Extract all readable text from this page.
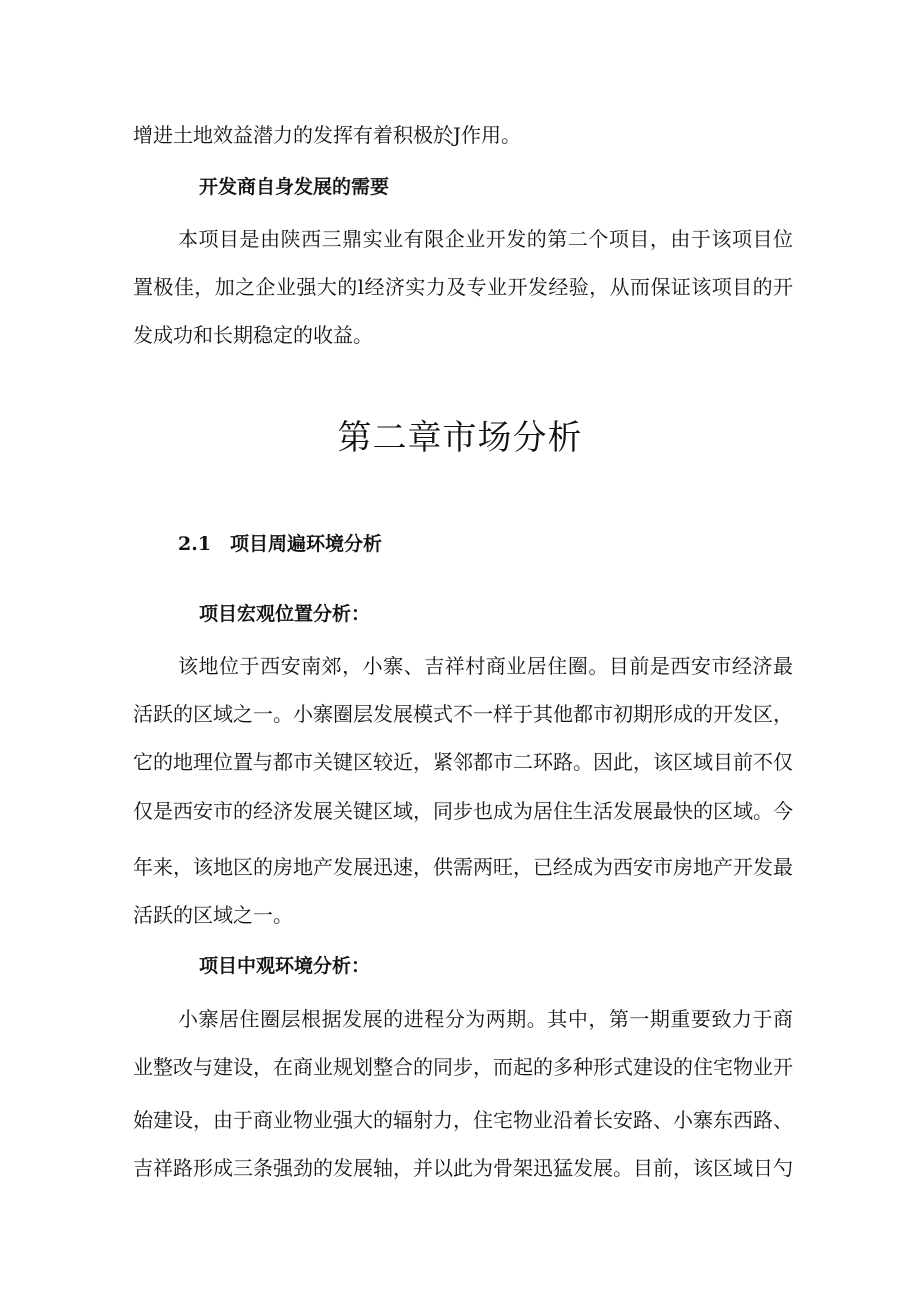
增进土地效益潜力的发挥有着积极於J作用。
开发商自身发展的需要
本项目是由陕西三鼎实业有限企业开发的第二个项目，由于该项目位
置极佳，加之企业强大的l经济实力及专业开发经验，从而保证该项目的开
发成功和长期稳定的收益。
第二章市场分析
2.1 项目周遍环境分析
项目宏观位置分析：
该地位于西安南郊，小寨、吉祥村商业居住圈。目前是西安市经济最
活跃的区域之一。小寨圈层发展模式不一样于其他都市初期形成的开发区，
它的地理位置与都市关键区较近，紧邻都市二环路。因此，该区域目前不仅
仅是西安市的经济发展关键区域，同步也成为居住生活发展最快的区域。今
年来，该地区的房地产发展迅速，供需两旺，已经成为西安市房地产开发最
活跃的区域之一。
项目中观环境分析：
小寨居住圈层根据发展的进程分为两期。其中，第一期重要致力于商
业整改与建设，在商业规划整合的同步，而起的多种形式建设的住宅物业开
始建设，由于商业物业强大的辐射力，住宅物业沿着长安路、小寨东西路、
吉祥路形成三条强劲的发展轴，并以此为骨架迅猛发展。目前，该区域日勺
